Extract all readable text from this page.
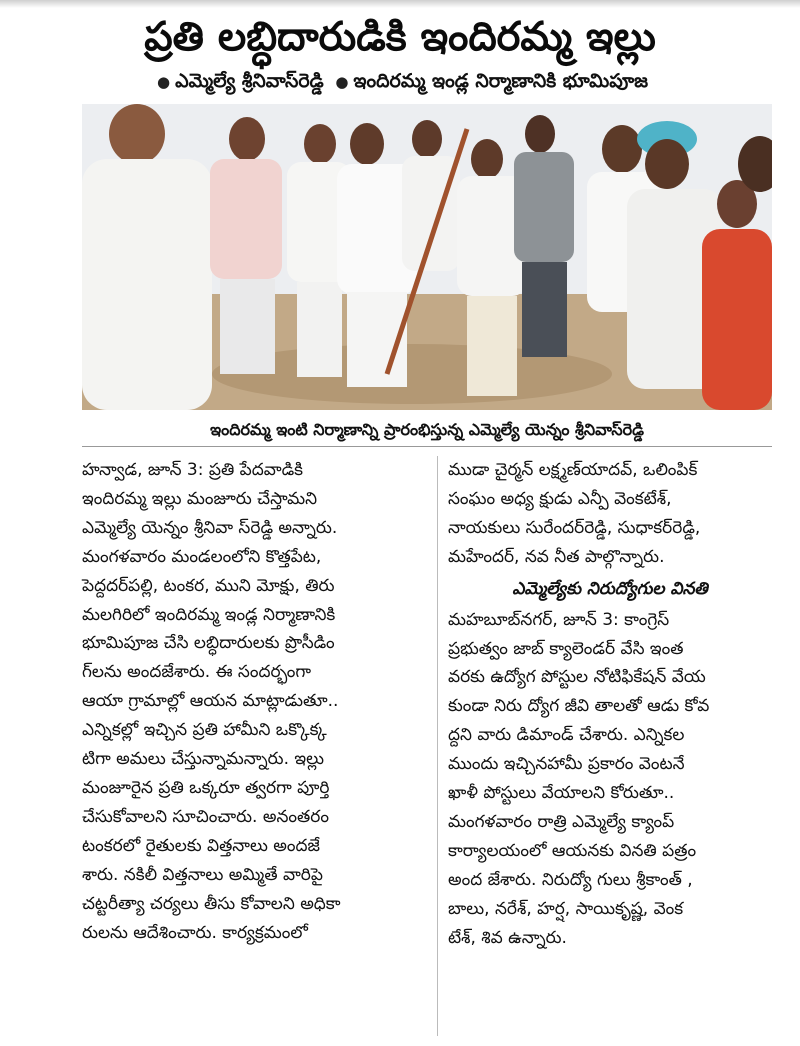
ప్రతి లబ్ధిదారుడికి ఇందిరమ్మ ఇల్లు
● ఎమ్మెల్యే శ్రీనివాస్‌రెడ్డి ● ఇందిరమ్మ ఇండ్ల నిర్మాణానికి భూమిపూజ
ఇందిరమ్మ ఇంటి నిర్మాణాన్ని ప్రారంభిస్తున్న ఎమ్మెల్యే యెన్నం శ్రీనివాస్‌రెడ్డి

హన్వాడ, జూన్ 3: ప్రతి పేదవాడికి

ఇందిరమ్మ ఇల్లు మంజూరు చేస్తామని

ఎమ్మెల్యే యెన్నం శ్రీనివా స్‌రెడ్డి అన్నారు.

మంగళవారం మండలంలోని కొత్తపేట,

పెద్దదర్‌పల్లి, టంకర, ముని మోక్షు, తిరు

మలగిరిలో ఇందిరమ్మ ఇండ్ల నిర్మాణానికి

భూమిపూజ చేసి లబ్ధిదారులకు ప్రొసీడిం

గ్‌లను అందజేశారు. ఈ సందర్భంగా

ఆయా గ్రామాల్లో ఆయన మాట్లాడుతూ..

ఎన్నికల్లో ఇచ్చిన ప్రతి హామీని ఒక్కొక్క

టిగా అమలు చేస్తున్నామన్నారు. ఇల్లు

మంజూరైన ప్రతి ఒక్కరూ త్వరగా పూర్తి

చేసుకోవాలని సూచించారు. అనంతరం

టంకరలో రైతులకు విత్తనాలు అందజే

శారు. నకిలీ విత్తనాలు అమ్మితే వారిపై

చట్టరీత్యా చర్యలు తీసు కోవాలని అధికా

రులను ఆదేశించారు. కార్యక్రమంలో

ముడా చైర్మన్ లక్ష్మణ్‌యాదవ్, ఒలింపిక్

సంఘం అధ్య క్షుడు ఎన్పీ వెంకటేశ్,

నాయకులు సురేందర్‌రెడ్డి, సుధాకర్‌రెడ్డి,

మహేందర్, నవ నీత పాల్గొన్నారు.

ఎమ్మెల్యేకు నిరుద్యోగుల వినతి

మహబూబ్‌నగర్, జూన్ 3: కాంగ్రెస్

ప్రభుత్వం జాబ్ క్యాలెండర్ వేసి ఇంత

వరకు ఉద్యోగ పోస్టుల నోటిఫికేషన్ వేయ

కుండా నిరు ద్యోగ జీవి తాలతో ఆడు కోవ

ద్దని వారు డిమాండ్ చేశారు. ఎన్నికల

ముందు ఇచ్చినహామీ ప్రకారం వెంటనే

ఖాళీ పోస్టులు వేయాలని కోరుతూ..

మంగళవారం రాత్రి ఎమ్మెల్యే క్యాంప్

కార్యాలయంలో ఆయనకు వినతి పత్రం

అంద జేశారు. నిరుద్యో గులు శ్రీకాంత్ ,

బాలు, నరేశ్, హర్ష, సాయికృష్ణ, వెంక

టేశ్, శివ ఉన్నారు.
